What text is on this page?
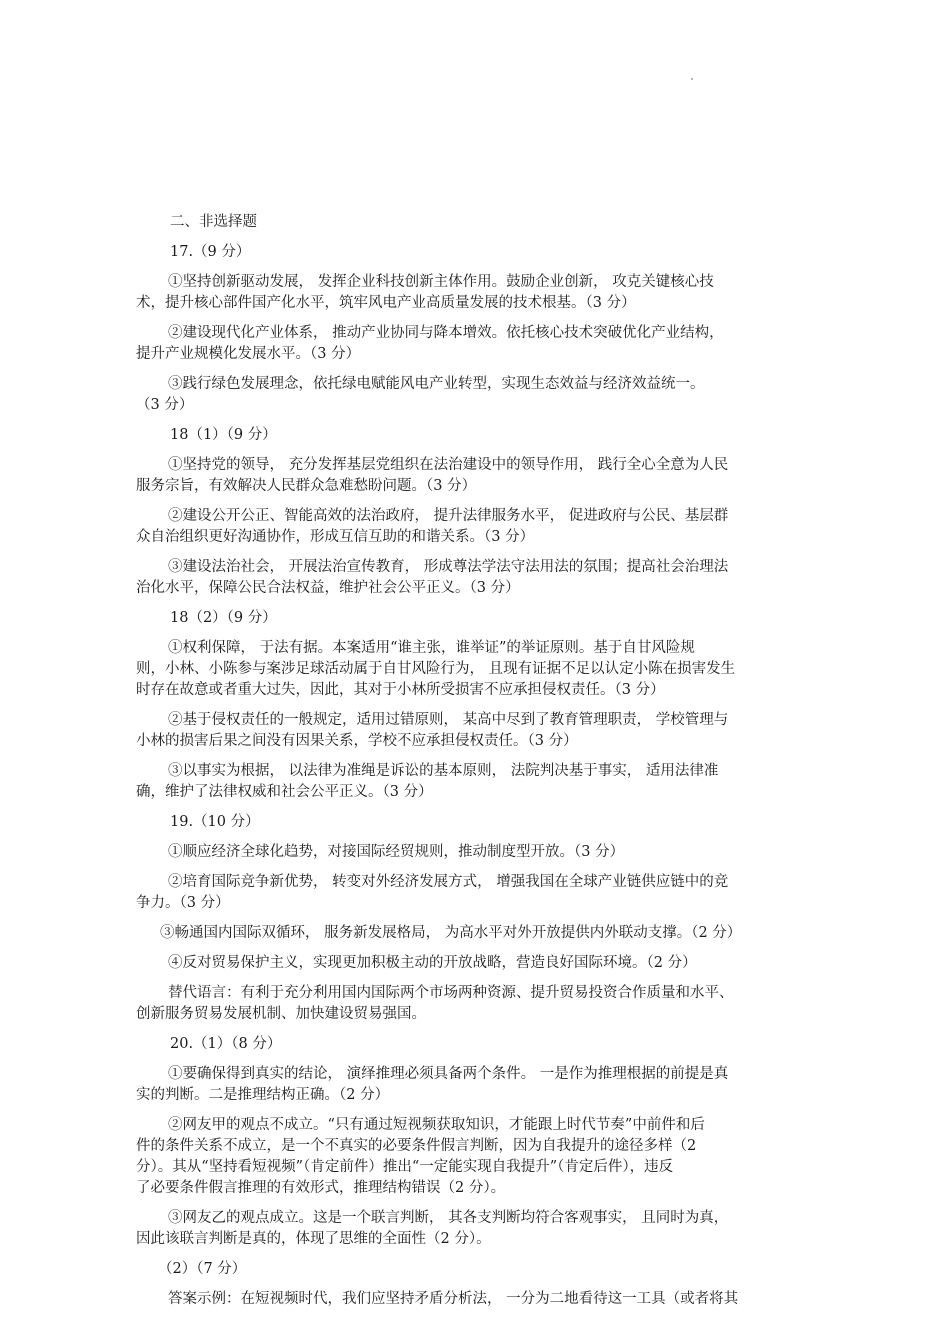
二、非选择题
17.（9 分）
①坚持创新驱动发展， 发挥企业科技创新主体作用。鼓励企业创新， 攻克关键核心技
术，提升核心部件国产化水平，筑牢风电产业高质量发展的技术根基。（3 分）
②建设现代化产业体系， 推动产业协同与降本增效。依托核心技术突破优化产业结构，
提升产业规模化发展水平。（3 分）
③践行绿色发展理念，依托绿电赋能风电产业转型，实现生态效益与经济效益统一。
（3 分）
18（1）（9 分）
①坚持党的领导， 充分发挥基层党组织在法治建设中的领导作用， 践行全心全意为人民
服务宗旨，有效解决人民群众急难愁盼问题。（3 分）
②建设公开公正、智能高效的法治政府， 提升法律服务水平， 促进政府与公民、基层群
众自治组织更好沟通协作，形成互信互助的和谐关系。（3 分）
③建设法治社会， 开展法治宣传教育， 形成尊法学法守法用法的氛围；提高社会治理法
治化水平，保障公民合法权益，维护社会公平正义。（3 分）
18（2）（9 分）
①权利保障， 于法有据。本案适用“谁主张，谁举证”的举证原则。基于自甘风险规
则，小林、小陈参与案涉足球活动属于自甘风险行为， 且现有证据不足以认定小陈在损害发生
时存在故意或者重大过失，因此，其对于小林所受损害不应承担侵权责任。（3 分）
②基于侵权责任的一般规定，适用过错原则， 某高中尽到了教育管理职责， 学校管理与
小林的损害后果之间没有因果关系，学校不应承担侵权责任。（3 分）
③以事实为根据， 以法律为准绳是诉讼的基本原则， 法院判决基于事实， 适用法律准
确，维护了法律权威和社会公平正义。（3 分）
19.（10 分）
①顺应经济全球化趋势，对接国际经贸规则，推动制度型开放。（3 分）
②培育国际竞争新优势， 转变对外经济发展方式， 增强我国在全球产业链供应链中的竞
争力。（3 分）
③畅通国内国际双循环， 服务新发展格局， 为高水平对外开放提供内外联动支撑。（2 分）
④反对贸易保护主义，实现更加积极主动的开放战略，营造良好国际环境。（2 分）
替代语言：有利于充分利用国内国际两个市场两种资源、提升贸易投资合作质量和水平、
创新服务贸易发展机制、加快建设贸易强国。
20.（1）（8 分）
①要确保得到真实的结论， 演绎推理必须具备两个条件。 一是作为推理根据的前提是真
实的判断。二是推理结构正确。（2 分）
②网友甲的观点不成立。“只有通过短视频获取知识，才能跟上时代节奏”中前件和后
件的条件关系不成立，是一个不真实的必要条件假言判断，因为自我提升的途径多样（2
分）。其从“坚持看短视频”（肯定前件）推出“一定能实现自我提升”（肯定后件），违反
了必要条件假言推理的有效形式，推理结构错误（2 分）。
③网友乙的观点成立。这是一个联言判断， 其各支判断均符合客观事实， 且同时为真，
因此该联言判断是真的，体现了思维的全面性（2 分）。
（2）（7 分）
答案示例：在短视频时代，我们应坚持矛盾分析法， 一分为二地看待这一工具（或者将其
